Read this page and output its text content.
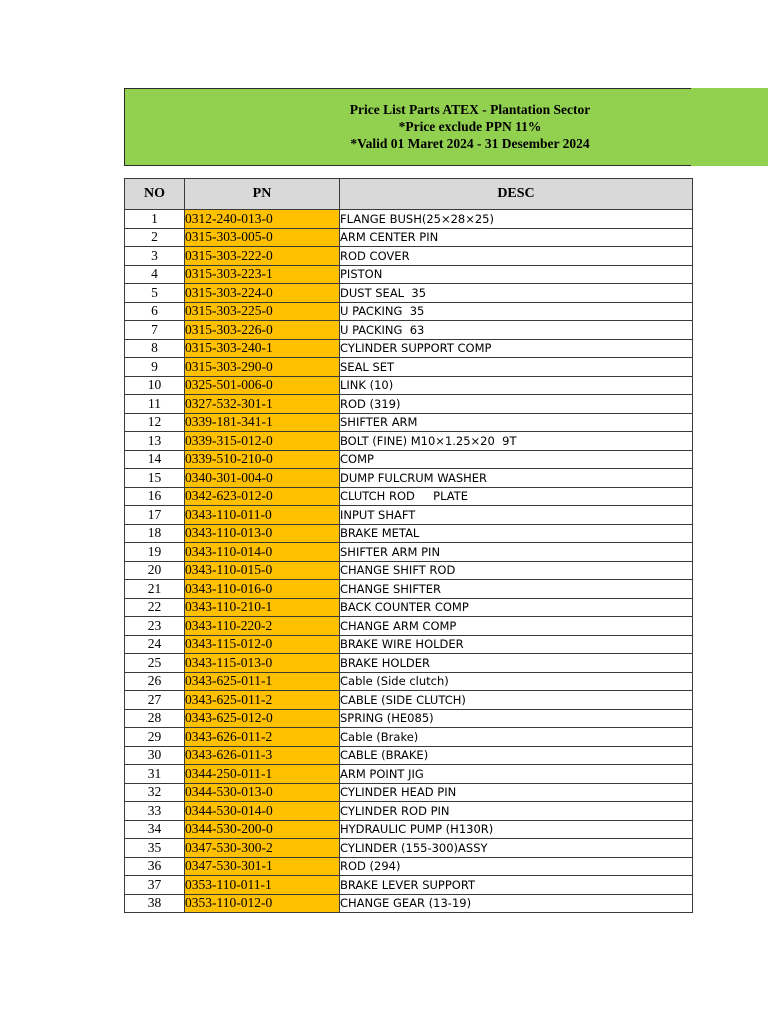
Price List Parts ATEX - Plantation Sector
*Price exclude PPN 11%
*Valid 01 Maret 2024 - 31 Desember 2024
NO	PN	DESC
1	0312-240-013-0	FLANGE BUSH(25×28×25)
2	0315-303-005-0	ARM CENTER PIN
3	0315-303-222-0	ROD COVER
4	0315-303-223-1	PISTON
5	0315-303-224-0	DUST SEAL  35
6	0315-303-225-0	U PACKING  35
7	0315-303-226-0	U PACKING  63
8	0315-303-240-1	CYLINDER SUPPORT COMP
9	0315-303-290-0	SEAL SET
10	0325-501-006-0	LINK (10)
11	0327-532-301-1	ROD (319)
12	0339-181-341-1	SHIFTER ARM
13	0339-315-012-0	BOLT (FINE) M10×1.25×20  9T
14	0339-510-210-0	COMP
15	0340-301-004-0	DUMP FULCRUM WASHER
16	0342-623-012-0	CLUTCH ROD     PLATE
17	0343-110-011-0	INPUT SHAFT
18	0343-110-013-0	BRAKE METAL
19	0343-110-014-0	SHIFTER ARM PIN
20	0343-110-015-0	CHANGE SHIFT ROD
21	0343-110-016-0	CHANGE SHIFTER
22	0343-110-210-1	BACK COUNTER COMP
23	0343-110-220-2	CHANGE ARM COMP
24	0343-115-012-0	BRAKE WIRE HOLDER
25	0343-115-013-0	BRAKE HOLDER
26	0343-625-011-1	Cable (Side clutch)
27	0343-625-011-2	CABLE (SIDE CLUTCH)
28	0343-625-012-0	SPRING (HE085)
29	0343-626-011-2	Cable (Brake)
30	0343-626-011-3	CABLE (BRAKE)
31	0344-250-011-1	ARM POINT JIG
32	0344-530-013-0	CYLINDER HEAD PIN
33	0344-530-014-0	CYLINDER ROD PIN
34	0344-530-200-0	HYDRAULIC PUMP (H130R)
35	0347-530-300-2	CYLINDER (155-300)ASSY
36	0347-530-301-1	ROD (294)
37	0353-110-011-1	BRAKE LEVER SUPPORT
38	0353-110-012-0	CHANGE GEAR (13-19)
